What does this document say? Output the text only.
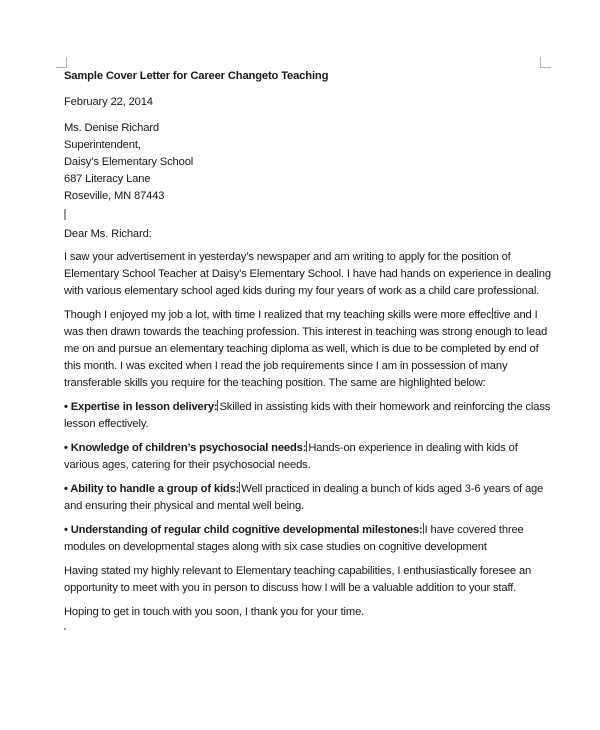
Sample Cover Letter for Career Changeto Teaching

February 22, 2014

Ms. Denise Richard

Superintendent,

Daisy’s Elementary School

687 Literacy Lane

Roseville, MN 87443

Dear Ms. Richard:

I saw your advertisement in yesterday’s newspaper and am writing to apply for the position of Elementary School Teacher at Daisy’s Elementary School. I have had hands on experience in dealing with various elementary school aged kids during my four years of work as a child care professional.

Though I enjoyed my job a lot, with time I realized that my teaching skills were more effec tive and I was then drawn towards the teaching profession. This interest in teaching was strong enough to lead me on and pursue an elementary teaching diploma as well, which is due to be completed by end of this month. I was excited when I read the job requirements since I am in possession of many transferable skills you require for the teaching position. The same are highlighted below:

• Expertise in lesson delivery: Skilled in assisting kids with their homework and reinforcing the class lesson effectively.

• Knowledge of children’s psychosocial needs: Hands-on experience in dealing with kids of various ages, catering for their psychosocial needs.

• Ability to handle a group of kids: Well practiced in dealing a bunch of kids aged 3-6 years of age and ensuring their physical and mental well being.

• Understanding of regular child cognitive developmental milestones: I have covered three modules on developmental stages along with six case studies on cognitive development

Having stated my highly relevant to Elementary teaching capabilities, I enthusiastically foresee an opportunity to meet with you in person to discuss how I will be a valuable addition to your staff.

Hoping to get in touch with you soon, I thank you for your time.
